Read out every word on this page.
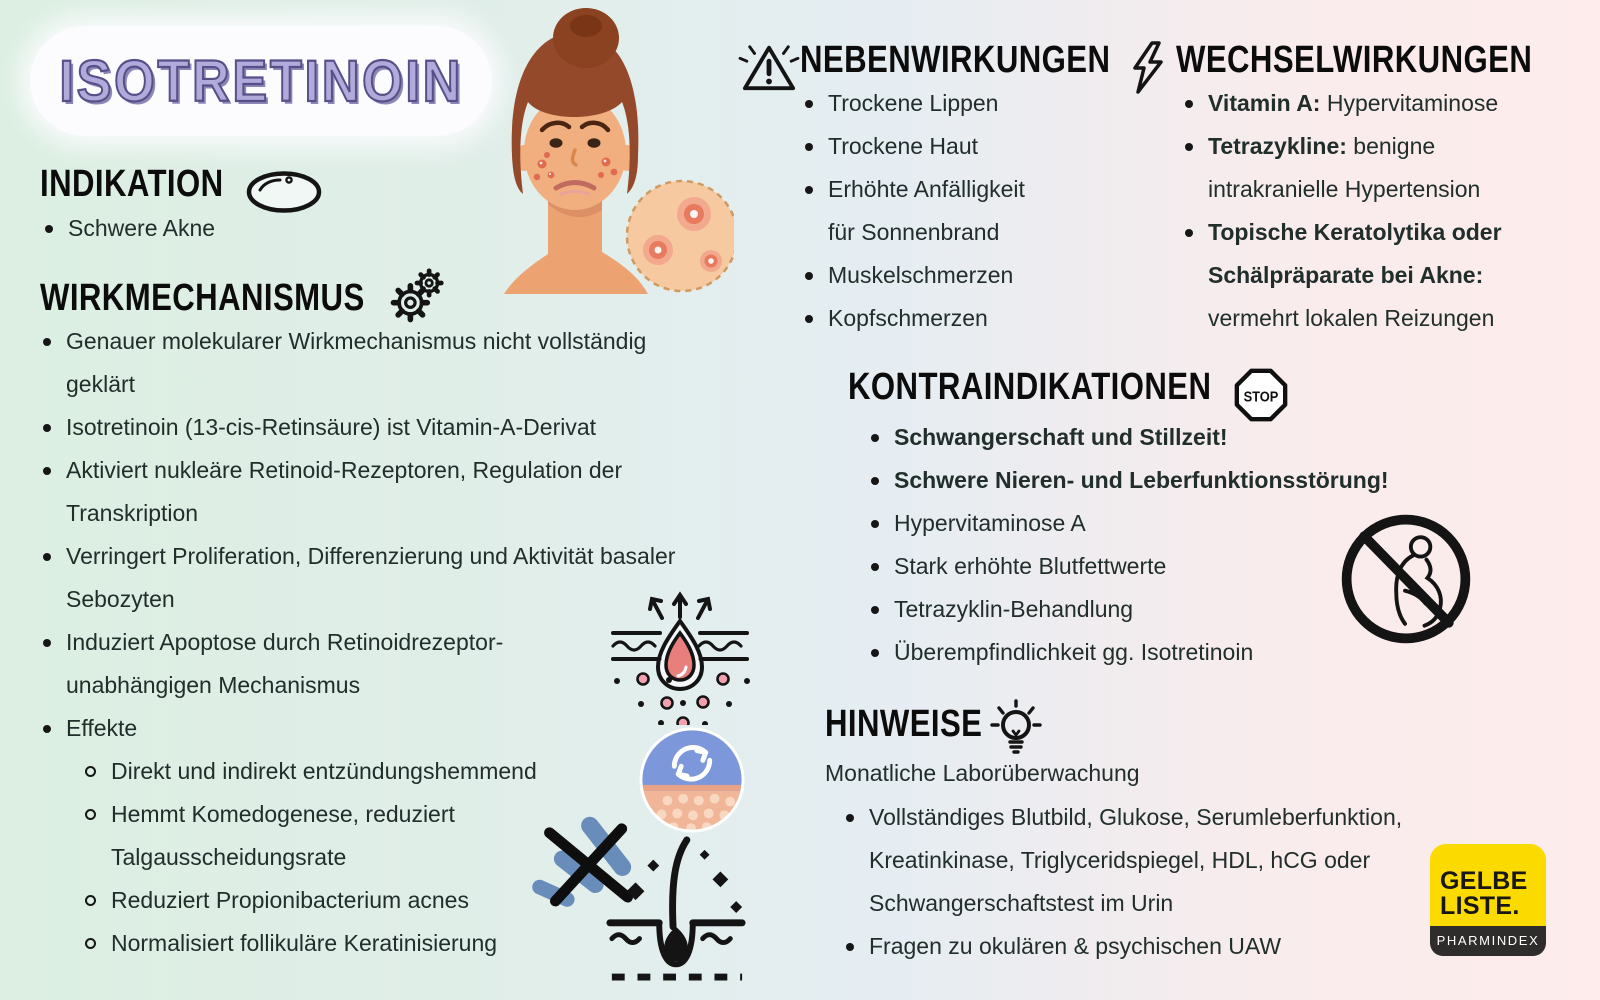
ISOTRETINOIN
INDIKATION
Schwere Akne
WIRKMECHANISMUS
Genauer molekularer Wirkmechanismus nicht vollständig geklärt
Isotretinoin (13-cis-Retinsäure) ist Vitamin-A-Derivat
Aktiviert nukleäre Retinoid-Rezeptoren, Regulation der Transkription
Verringert Proliferation, Differenzierung und Aktivität basaler Sebozyten
Induziert Apoptose durch Retinoidrezeptor-unabhängigen Mechanismus
Effekte
Direkt und indirekt entzündungshemmend
Hemmt Komedogenese, reduziert Talgausscheidungsrate
Reduziert Propionibacterium acnes
Normalisiert follikuläre Keratinisierung
NEBENWIRKUNGEN
Trockene Lippen
Trockene Haut
Erhöhte Anfälligkeit für Sonnenbrand
Muskelschmerzen
Kopfschmerzen
WECHSELWIRKUNGEN
Vitamin A: Hypervitaminose
Tetrazykline: benigne intrakranielle Hypertension
Topische Keratolytika oder Schälpräparate bei Akne: vermehrt lokalen Reizungen
KONTRAINDIKATIONEN STOP
Schwangerschaft und Stillzeit!
Schwere Nieren- und Leberfunktionsstörung!
Hypervitaminose A
Stark erhöhte Blutfettwerte
Tetrazyklin-Behandlung
Überempfindlichkeit gg. Isotretinoin
HINWEISE
Monatliche Laborüberwachung
Vollständiges Blutbild, Glukose, Serumleberfunktion, Kreatinkinase, Triglyceridspiegel, HDL, hCG oder Schwangerschaftstest im Urin
Fragen zu okulären & psychischen UAW
GELBE
LISTE.
PHARMINDEX
